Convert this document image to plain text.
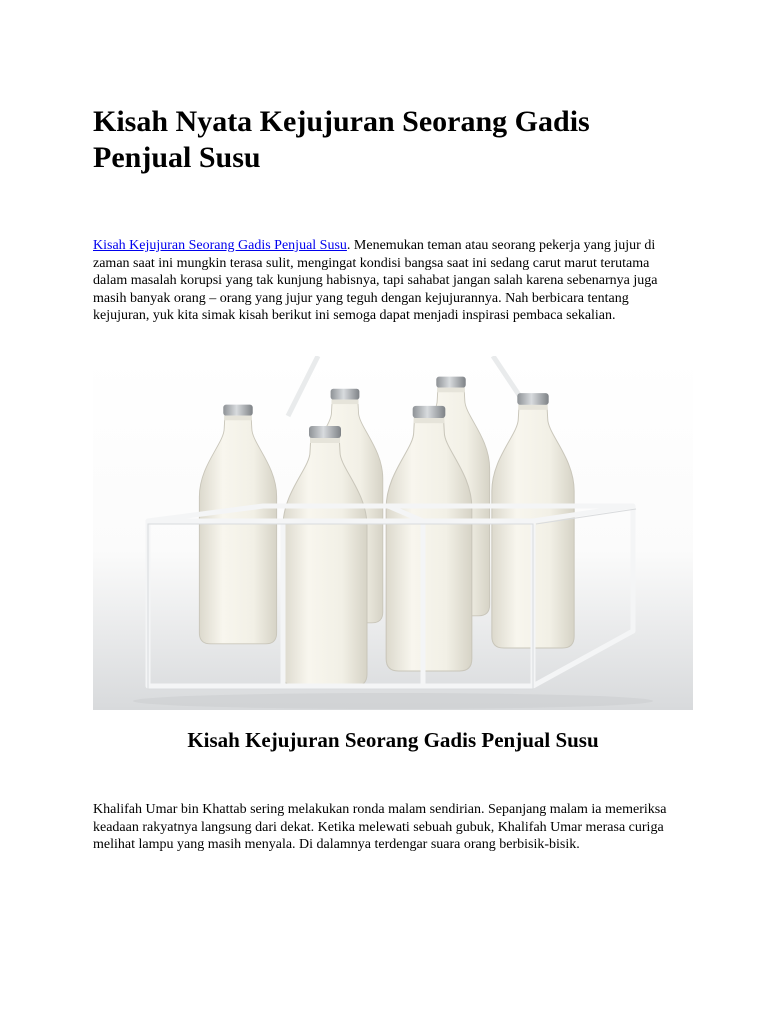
Kisah Nyata Kejujuran Seorang Gadis Penjual Susu

Kisah Kejujuran Seorang Gadis Penjual Susu. Menemukan teman atau seorang pekerja yang jujur di zaman saat ini mungkin terasa sulit, mengingat kondisi bangsa saat ini sedang carut marut terutama dalam masalah korupsi yang tak kunjung habisnya, tapi sahabat jangan salah karena sebenarnya juga masih banyak orang – orang yang jujur yang teguh dengan kejujurannya. Nah berbicara tentang kejujuran, yuk kita simak kisah berikut ini semoga dapat menjadi inspirasi pembaca sekalian.

Kisah Kejujuran Seorang Gadis Penjual Susu

Khalifah Umar bin Khattab sering melakukan ronda malam sendirian. Sepanjang malam ia memeriksa keadaan rakyatnya langsung dari dekat. Ketika melewati sebuah gubuk, Khalifah Umar merasa curiga melihat lampu yang masih menyala. Di dalamnya terdengar suara orang berbisik-bisik.
